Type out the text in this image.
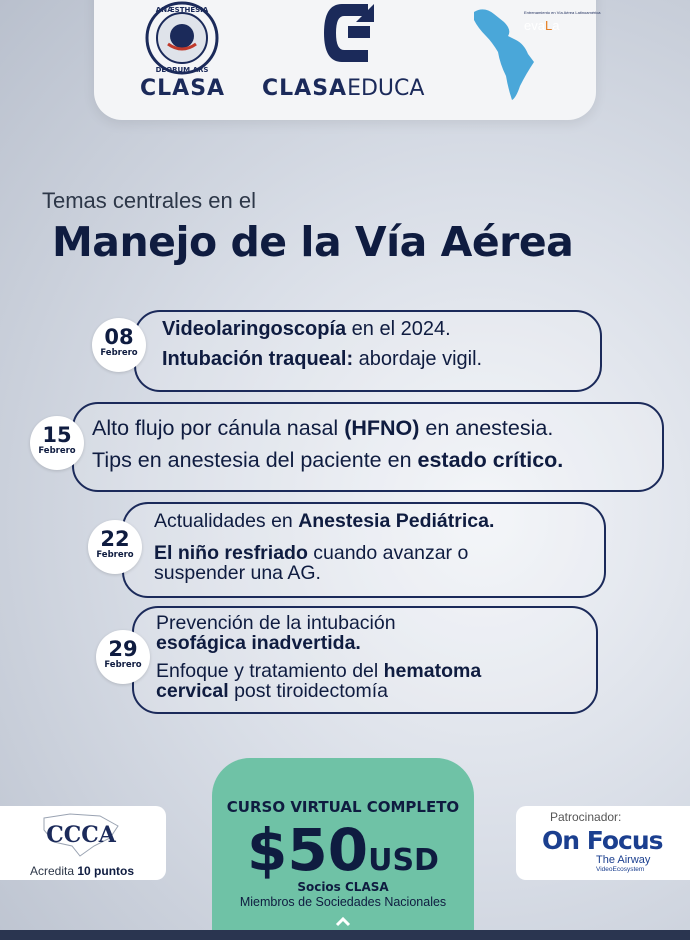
ANÆSTHESIA
DEORUM ARS
CLASA CLASAEDUCA
evaLa
Entrenamiento en Vía Aérea Latinoamérica
Temas centrales en el
Manejo de la Vía Aérea
08
Febrero
Videolaringoscopía en el 2024.
Intubación traqueal: abordaje vigil.
15
Febrero
Alto flujo por cánula nasal (HFNO) en anestesia.
Tips en anestesia del paciente en estado crítico.
22
Febrero
Actualidades en Anestesia Pediátrica.
El niño resfriado cuando avanzar o
suspender una AG.
29
Febrero
Prevención de la intubación
esofágica inadvertida.
Enfoque y tratamiento del hematoma
cervical post tiroidectomía
CCCA
Acredita 10 puntos
CURSO VIRTUAL COMPLETO
$50USD
Socios CLASA
Miembros de Sociedades Nacionales
Patrocinador:
On Focus
The Airway
VideoEcosystem
